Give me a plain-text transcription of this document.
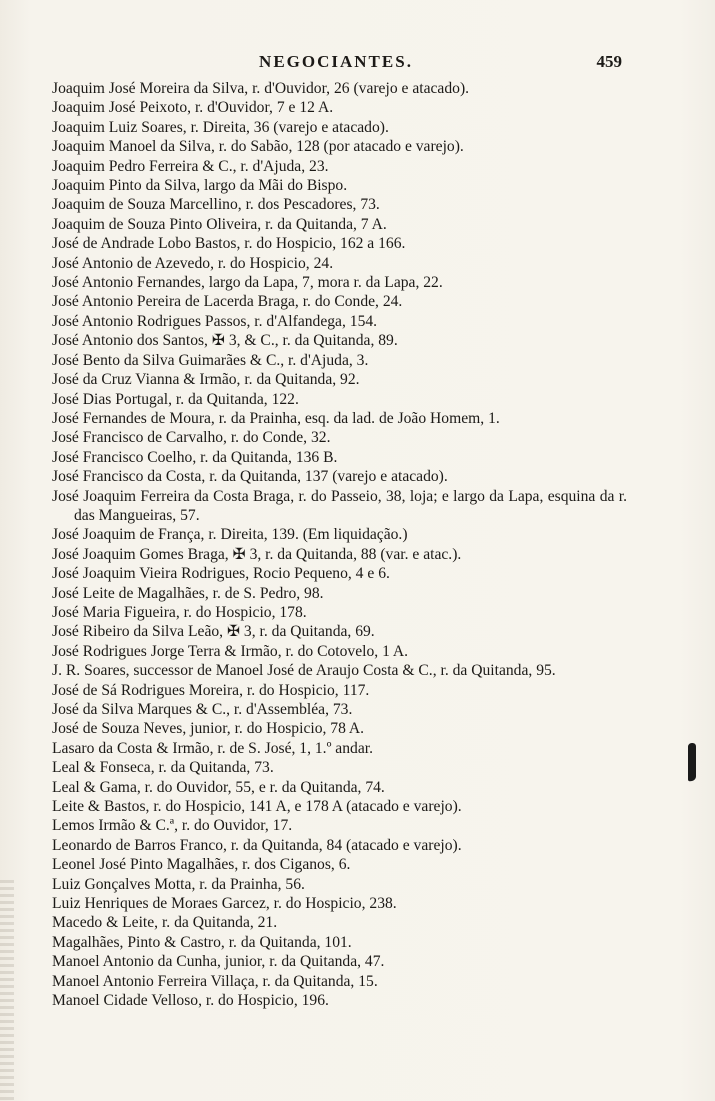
NEGOCIANTES.	459
Joaquim José Moreira da Silva, r. d'Ouvidor, 26 (varejo e atacado).
Joaquim José Peixoto, r. d'Ouvidor, 7 e 12 A.
Joaquim Luiz Soares, r. Direita, 36 (varejo e atacado).
Joaquim Manoel da Silva, r. do Sabão, 128 (por atacado e varejo).
Joaquim Pedro Ferreira & C., r. d'Ajuda, 23.
Joaquim Pinto da Silva, largo da Mãi do Bispo.
Joaquim de Souza Marcellino, r. dos Pescadores, 73.
Joaquim de Souza Pinto Oliveira, r. da Quitanda, 7 A.
José de Andrade Lobo Bastos, r. do Hospicio, 162 a 166.
José Antonio de Azevedo, r. do Hospicio, 24.
José Antonio Fernandes, largo da Lapa, 7, mora r. da Lapa, 22.
José Antonio Pereira de Lacerda Braga, r. do Conde, 24.
José Antonio Rodrigues Passos, r. d'Alfandega, 154.
José Antonio dos Santos, ✠ 3, & C., r. da Quitanda, 89.
José Bento da Silva Guimarães & C., r. d'Ajuda, 3.
José da Cruz Vianna & Irmão, r. da Quitanda, 92.
José Dias Portugal, r. da Quitanda, 122.
José Fernandes de Moura, r. da Prainha, esq. da lad. de João Homem, 1.
José Francisco de Carvalho, r. do Conde, 32.
José Francisco Coelho, r. da Quitanda, 136 B.
José Francisco da Costa, r. da Quitanda, 137 (varejo e atacado).
José Joaquim Ferreira da Costa Braga, r. do Passeio, 38, loja; e largo da Lapa, esquina da r. das Mangueiras, 57.
José Joaquim de França, r. Direita, 139. (Em liquidação.)
José Joaquim Gomes Braga, ✠ 3, r. da Quitanda, 88 (var. e atac.).
José Joaquim Vieira Rodrigues, Rocio Pequeno, 4 e 6.
José Leite de Magalhães, r. de S. Pedro, 98.
José Maria Figueira, r. do Hospicio, 178.
José Ribeiro da Silva Leão, ✠ 3, r. da Quitanda, 69.
José Rodrigues Jorge Terra & Irmão, r. do Cotovelo, 1 A.
J. R. Soares, successor de Manoel José de Araujo Costa & C., r. da Quitanda, 95.
José de Sá Rodrigues Moreira, r. do Hospicio, 117.
José da Silva Marques & C., r. d'Assembléa, 73.
José de Souza Neves, junior, r. do Hospicio, 78 A.
Lasaro da Costa & Irmão, r. de S. José, 1, 1.º andar.
Leal & Fonseca, r. da Quitanda, 73.
Leal & Gama, r. do Ouvidor, 55, e r. da Quitanda, 74.
Leite & Bastos, r. do Hospicio, 141 A, e 178 A (atacado e varejo).
Lemos Irmão & C.ª, r. do Ouvidor, 17.
Leonardo de Barros Franco, r. da Quitanda, 84 (atacado e varejo).
Leonel José Pinto Magalhães, r. dos Ciganos, 6.
Luiz Gonçalves Motta, r. da Prainha, 56.
Luiz Henriques de Moraes Garcez, r. do Hospicio, 238.
Macedo & Leite, r. da Quitanda, 21.
Magalhães, Pinto & Castro, r. da Quitanda, 101.
Manoel Antonio da Cunha, junior, r. da Quitanda, 47.
Manoel Antonio Ferreira Villaça, r. da Quitanda, 15.
Manoel Cidade Velloso, r. do Hospicio, 196.
